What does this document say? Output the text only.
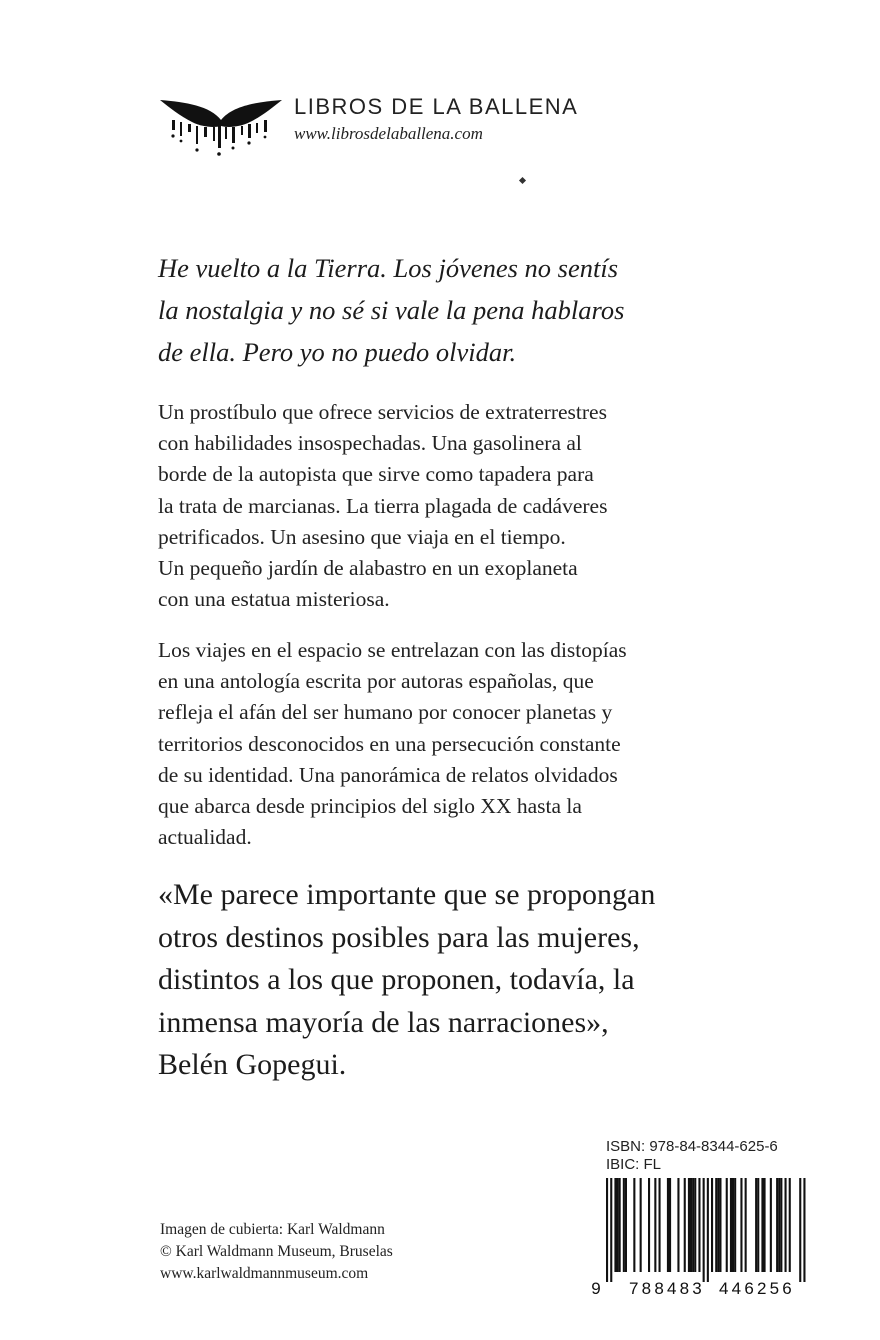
LIBROS DE LA BALLENA
www.librosdelaballena.com
He vuelto a la Tierra. Los jóvenes no sentís
la nostalgia y no sé si vale la pena hablaros
de ella. Pero yo no puedo olvidar.
Un prostíbulo que ofrece servicios de extraterrestres
con habilidades insospechadas. Una gasolinera al
borde de la autopista que sirve como tapadera para
la trata de marcianas. La tierra plagada de cadáveres
petrificados. Un asesino que viaja en el tiempo.
Un pequeño jardín de alabastro en un exoplaneta
con una estatua misteriosa.
Los viajes en el espacio se entrelazan con las distopías
en una antología escrita por autoras españolas, que
refleja el afán del ser humano por conocer planetas y
territorios desconocidos en una persecución constante
de su identidad. Una panorámica de relatos olvidados
que abarca desde principios del siglo XX hasta la
actualidad.
«Me parece importante que se propongan
otros destinos posibles para las mujeres,
distintos a los que proponen, todavía, la
inmensa mayoría de las narraciones»,
Belén Gopegui.
Imagen de cubierta: Karl Waldmann
© Karl Waldmann Museum, Bruselas
www.karlwaldmannmuseum.com
ISBN: 978-84-8344-625-6
IBIC: FL
9 788483 446256
